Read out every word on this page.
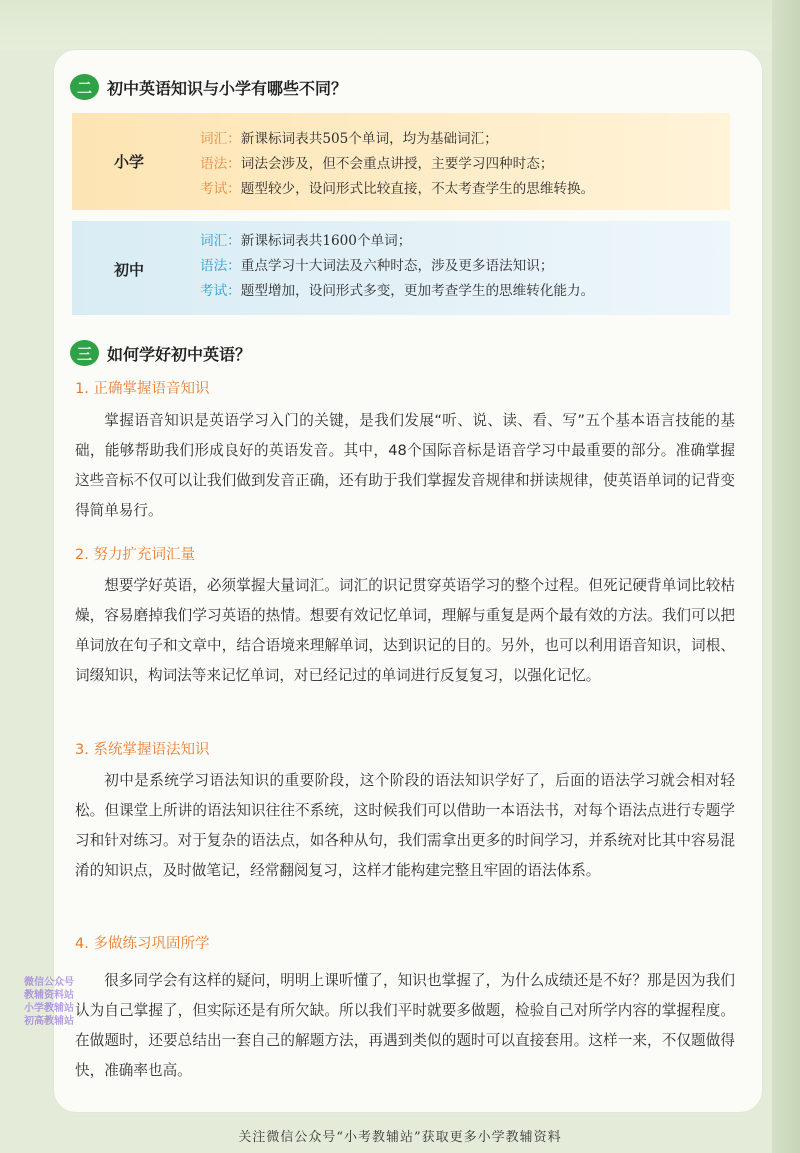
二 初中英语知识与小学有哪些不同？
小学
词汇：新课标词表共505个单词，均为基础词汇；
语法：词法会涉及，但不会重点讲授，主要学习四种时态；
考试：题型较少，设问形式比较直接，不太考查学生的思维转换。
初中
词汇：新课标词表共1600个单词；
语法：重点学习十大词法及六种时态，涉及更多语法知识；
考试：题型增加，设问形式多变，更加考查学生的思维转化能力。
三 如何学好初中英语？
1. 正确掌握语音知识
掌握语音知识是英语学习入门的关键，是我们发展“听、说、读、看、写”五个基本语言技能的基础，能够帮助我们形成良好的英语发音。其中，48个国际音标是语音学习中最重要的部分。准确掌握这些音标不仅可以让我们做到发音正确，还有助于我们掌握发音规律和拼读规律，使英语单词的记背变得简单易行。
2. 努力扩充词汇量
想要学好英语，必须掌握大量词汇。词汇的识记贯穿英语学习的整个过程。但死记硬背单词比较枯燥，容易磨掉我们学习英语的热情。想要有效记忆单词，理解与重复是两个最有效的方法。我们可以把单词放在句子和文章中，结合语境来理解单词，达到识记的目的。另外，也可以利用语音知识，词根、词缀知识，构词法等来记忆单词，对已经记过的单词进行反复复习，以强化记忆。
3. 系统掌握语法知识
初中是系统学习语法知识的重要阶段，这个阶段的语法知识学好了，后面的语法学习就会相对轻松。但课堂上所讲的语法知识往往不系统，这时候我们可以借助一本语法书，对每个语法点进行专题学习和针对练习。对于复杂的语法点，如各种从句，我们需拿出更多的时间学习，并系统对比其中容易混淆的知识点，及时做笔记，经常翻阅复习，这样才能构建完整且牢固的语法体系。
4. 多做练习巩固所学
很多同学会有这样的疑问，明明上课听懂了，知识也掌握了，为什么成绩还是不好？那是因为我们认为自己掌握了，但实际还是有所欠缺。所以我们平时就要多做题，检验自己对所学内容的掌握程度。在做题时，还要总结出一套自己的解题方法，再遇到类似的题时可以直接套用。这样一来，不仅题做得快，准确率也高。
微信公众号
教辅资料站
小学教辅站
初高教辅站
关注微信公众号“小考教辅站”获取更多小学教辅资料
